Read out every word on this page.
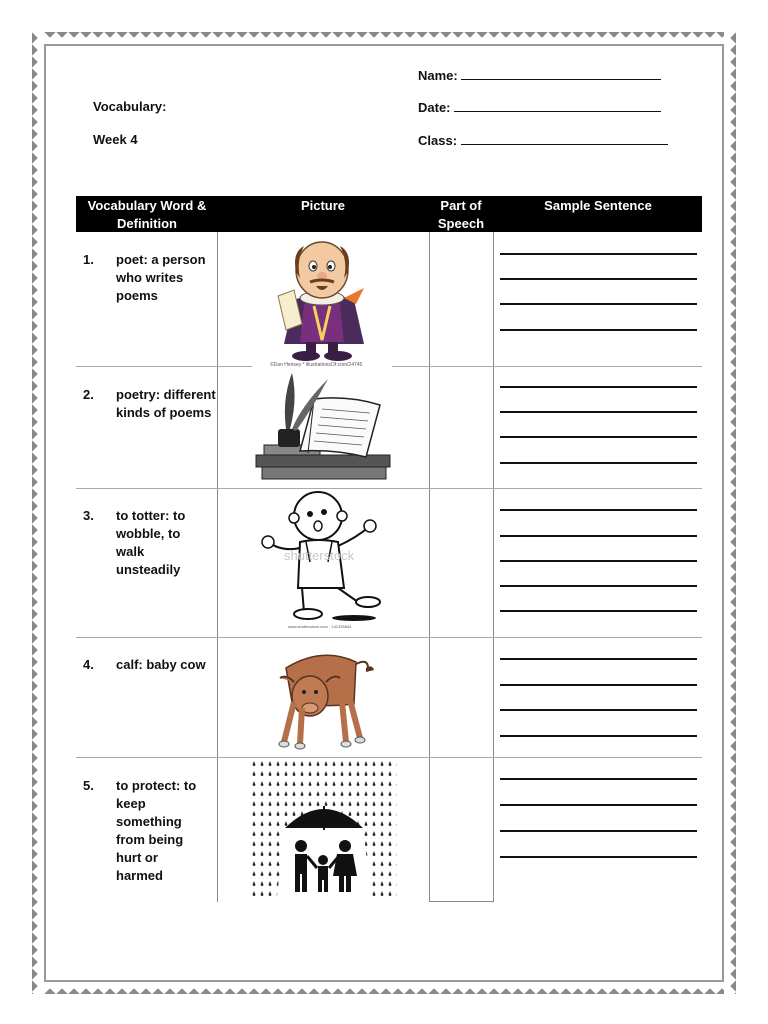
Name:
Date:
Class:
Vocabulary:
Week 4
Vocabulary Word &
Definition
Picture	Part of
Speech
Sample Sentence
1. poet: a person who writes poems
2. poetry: different kinds of poems
3. to totter: to wobble, to walk unsteadily
4. calf: baby cow
5. to protect: to keep something from being hurt or harmed
©Dan Hensey * illustrationsOf.com/24745
shutterstock
www.shutterstock.com · 141335644
